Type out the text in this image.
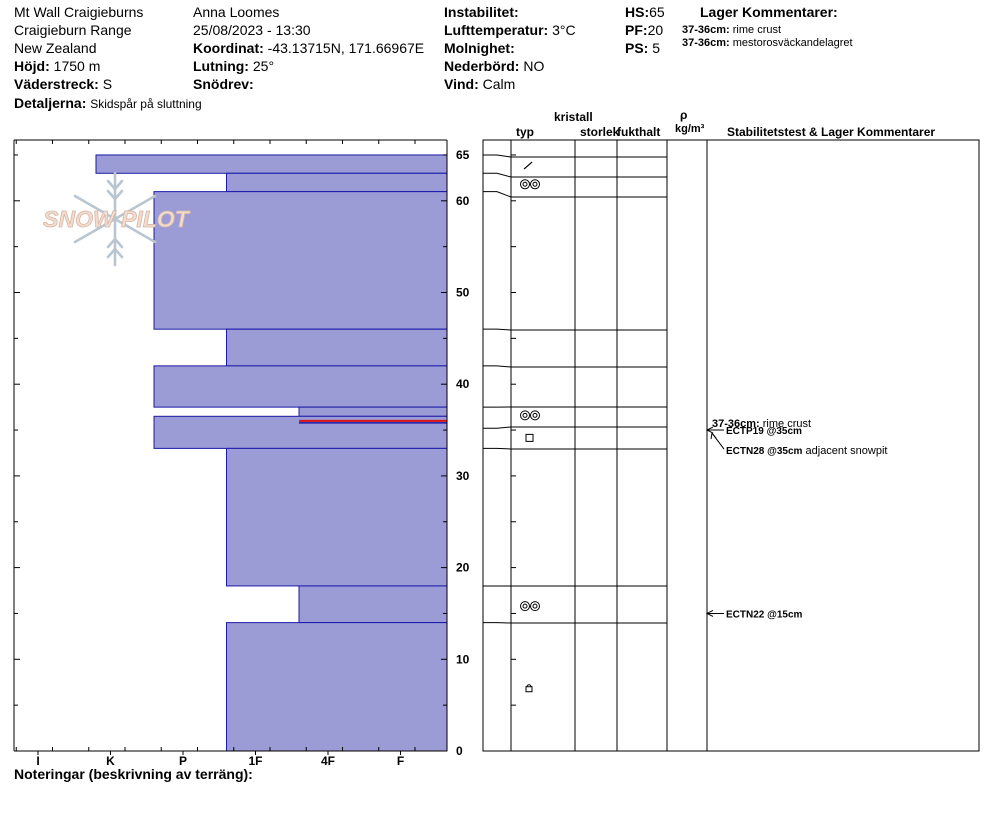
Mt Wall Craigieburns
Craigieburn Range
New Zealand
Höjd: 1750 m
Väderstreck: S
Detaljerna: Skidspår på sluttning
Anna Loomes
25/08/2023 - 13:30
Koordinat: -43.13715N, 171.66967E
Lutning: 25°
Snödrev:
Instabilitet:
Lufttemperatur: 3°C
Molnighet:
Nederbörd: NO
Vind: Calm
HS:65
PF:20
PS: 5
Lager Kommentarer:
37-36cm: rime crust
37-36cm: mestorosväckandelagret
kristall
typ	storlek
fukthalt
ρ
kg/m³ Stabilitetstest & Lager Kommentarer
SNOW PILOT
0
10
20
30
40
50
60
65
I	K	P	1F	4F	F
37-36cm: rime crust
ECTP19 @35cm
ECTN28 @35cm adjacent snowpit
ECTN22 @15cm
Noteringar (beskrivning av terräng):
